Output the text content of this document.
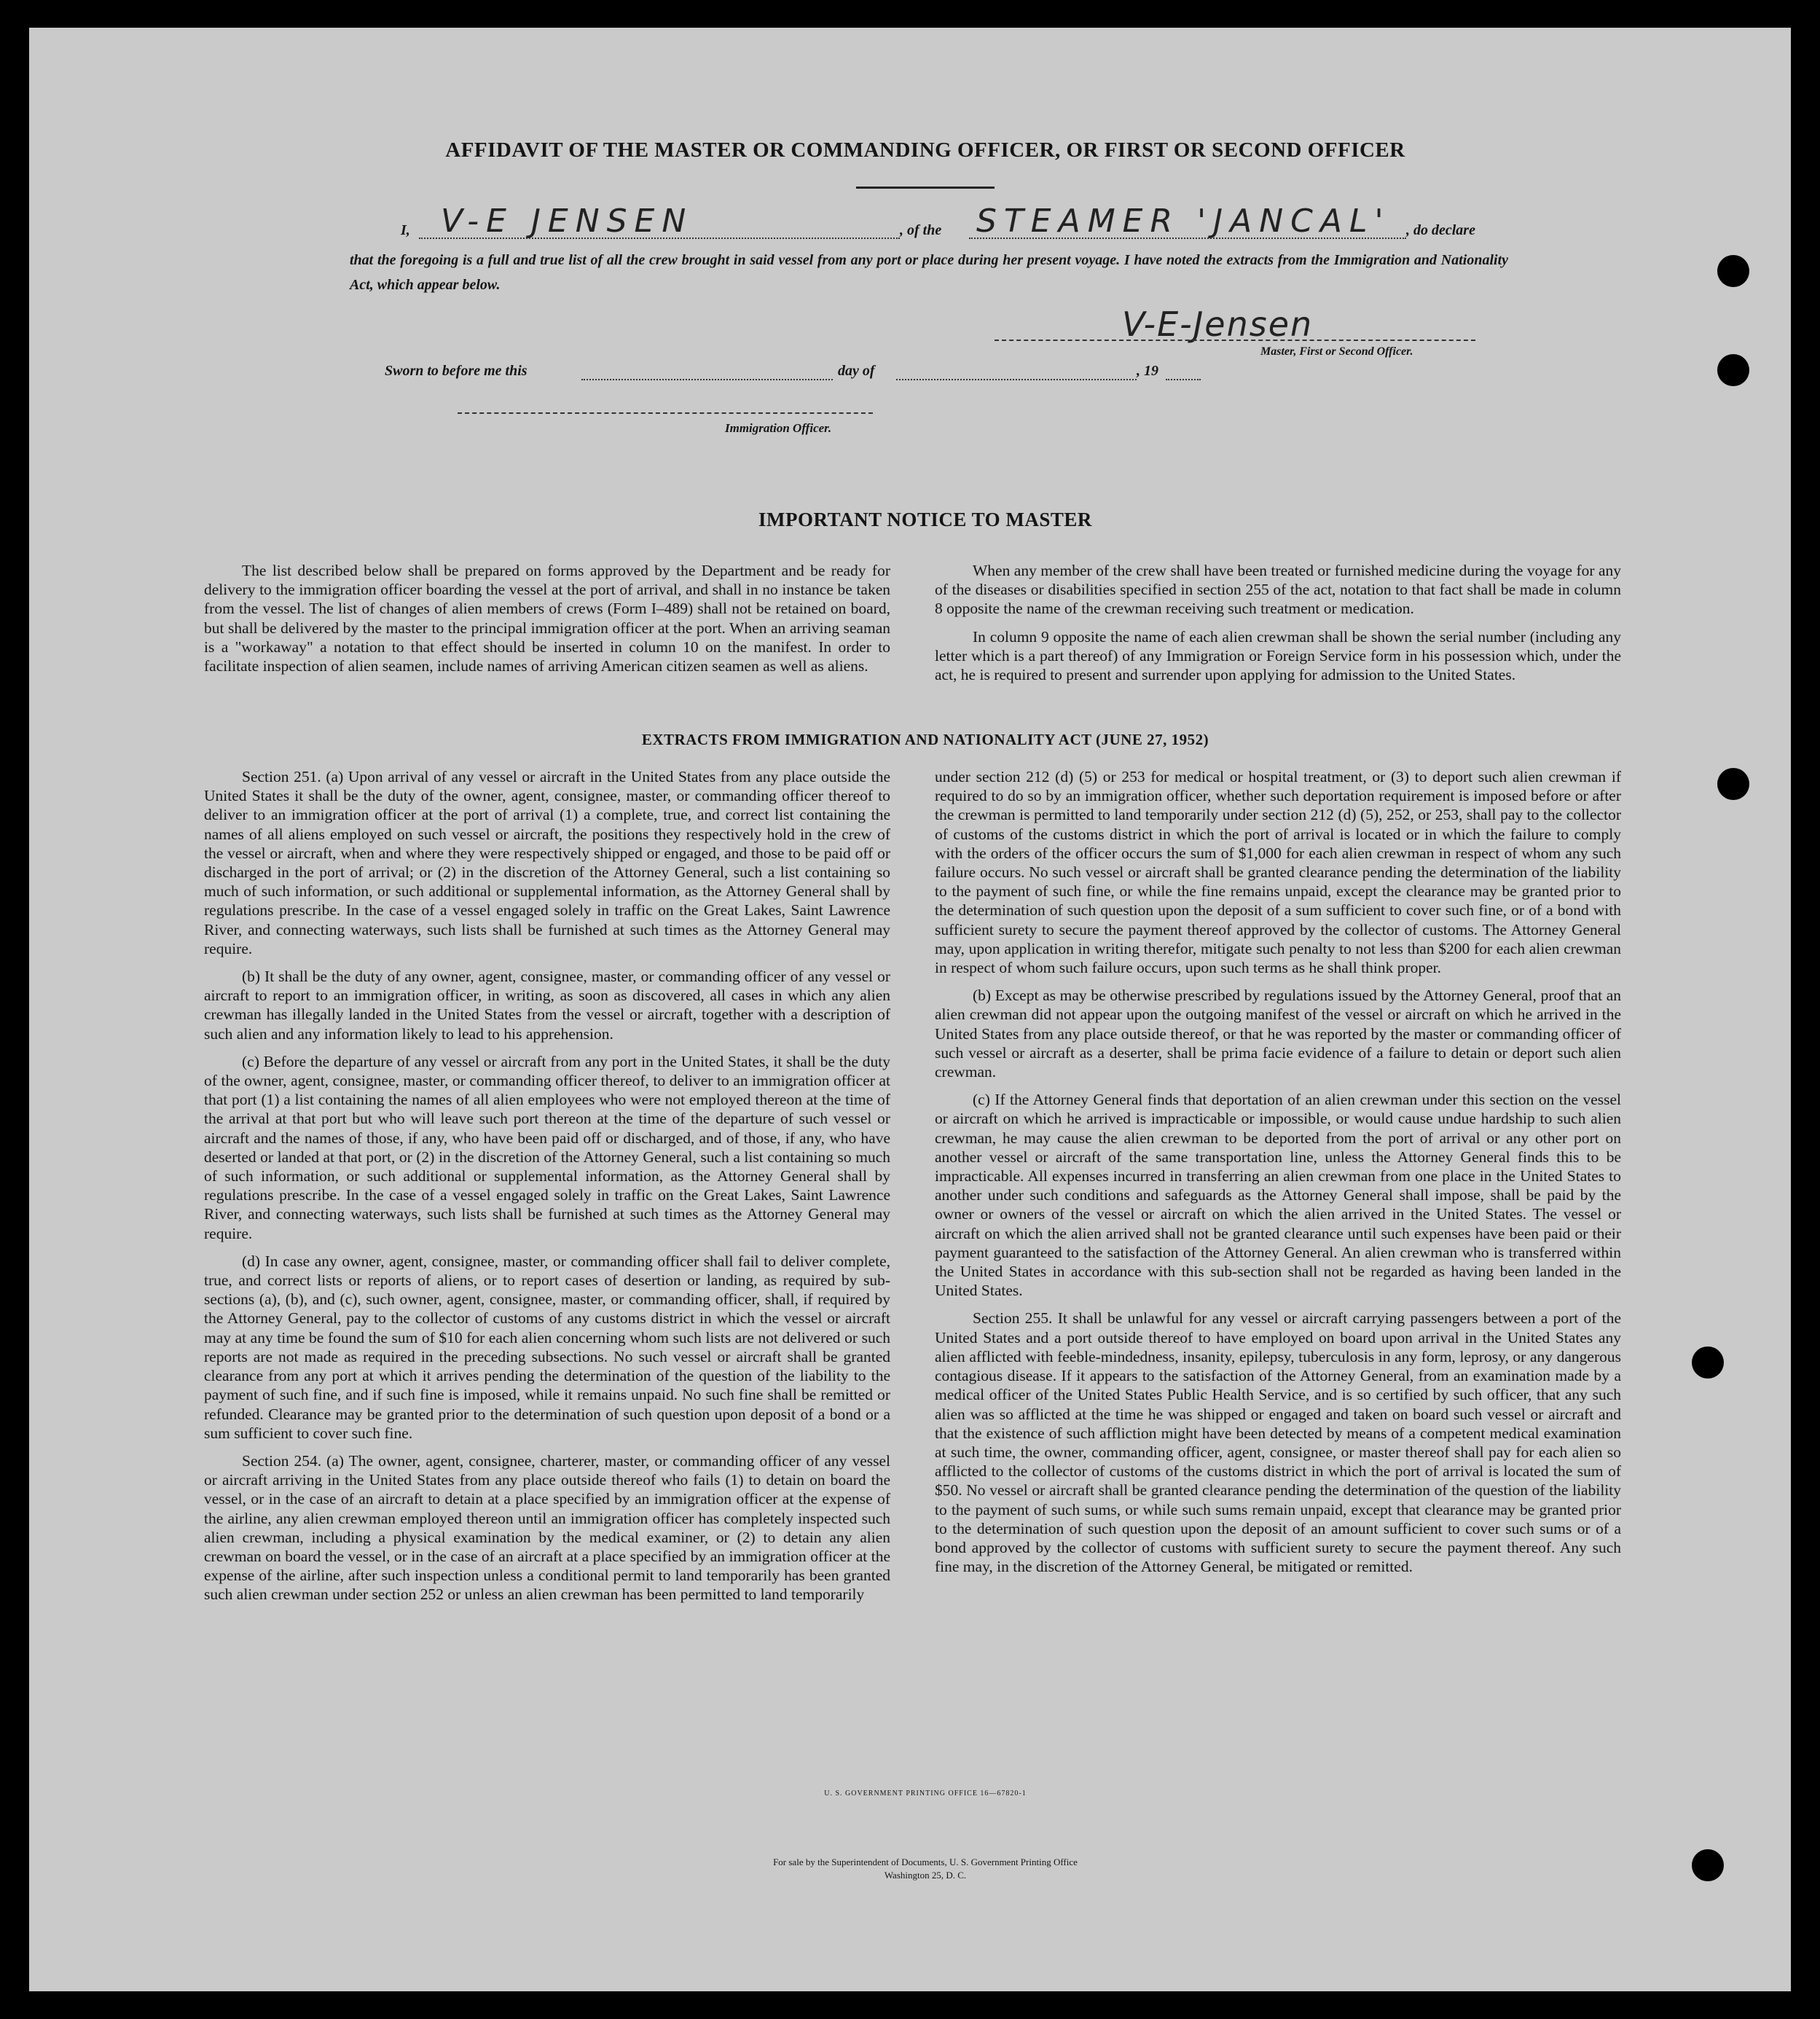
AFFIDAVIT OF THE MASTER OR COMMANDING OFFICER, OR FIRST OR SECOND OFFICER
I, V-E JENSEN	, of the STEAMER 'JANCAL' , do declare
that the foregoing is a full and true list of all the crew brought in said vessel from any port or place during her present voyage. I have noted the extracts from the Immigration and Nationality Act, which appear below.
V-E-Jensen
Master, First or Second Officer.
Sworn to before me this	day of	, 19
Immigration Officer.
IMPORTANT NOTICE TO MASTER

The list described below shall be prepared on forms approved by the Department and be ready for delivery to the immigration officer boarding the vessel at the port of arrival, and shall in no instance be taken from the vessel. The list of changes of alien members of crews (Form I–489) shall not be retained on board, but shall be delivered by the master to the principal immigration officer at the port. When an arriving seaman is a "workaway" a notation to that effect should be inserted in column 10 on the manifest. In order to facilitate inspection of alien seamen, include names of arriving American citizen seamen as well as aliens.

When any member of the crew shall have been treated or furnished medicine during the voyage for any of the diseases or disabilities specified in section 255 of the act, notation to that fact shall be made in column 8 opposite the name of the crewman receiving such treatment or medication.

In column 9 opposite the name of each alien crewman shall be shown the serial number (including any letter which is a part thereof) of any Immigration or Foreign Service form in his possession which, under the act, he is required to present and surrender upon applying for admission to the United States.

EXTRACTS FROM IMMIGRATION AND NATIONALITY ACT (JUNE 27, 1952)

Section 251. (a) Upon arrival of any vessel or aircraft in the United States from any place outside the United States it shall be the duty of the owner, agent, consignee, master, or commanding officer thereof to deliver to an immigration officer at the port of arrival (1) a complete, true, and correct list containing the names of all aliens employed on such vessel or aircraft, the positions they respectively hold in the crew of the vessel or aircraft, when and where they were respectively shipped or engaged, and those to be paid off or discharged in the port of arrival; or (2) in the discretion of the Attorney General, such a list containing so much of such information, or such additional or supplemental information, as the Attorney General shall by regulations prescribe. In the case of a vessel engaged solely in traffic on the Great Lakes, Saint Lawrence River, and connecting waterways, such lists shall be furnished at such times as the Attorney General may require.

(b) It shall be the duty of any owner, agent, consignee, master, or commanding officer of any vessel or aircraft to report to an immigration officer, in writing, as soon as discovered, all cases in which any alien crewman has illegally landed in the United States from the vessel or aircraft, together with a description of such alien and any information likely to lead to his apprehension.

(c) Before the departure of any vessel or aircraft from any port in the United States, it shall be the duty of the owner, agent, consignee, master, or commanding officer thereof, to deliver to an immigration officer at that port (1) a list containing the names of all alien employees who were not employed thereon at the time of the arrival at that port but who will leave such port thereon at the time of the departure of such vessel or aircraft and the names of those, if any, who have been paid off or discharged, and of those, if any, who have deserted or landed at that port, or (2) in the discretion of the Attorney General, such a list containing so much of such information, or such additional or supplemental information, as the Attorney General shall by regulations prescribe. In the case of a vessel engaged solely in traffic on the Great Lakes, Saint Lawrence River, and connecting waterways, such lists shall be furnished at such times as the Attorney General may require.

(d) In case any owner, agent, consignee, master, or commanding officer shall fail to deliver complete, true, and correct lists or reports of aliens, or to report cases of desertion or landing, as required by sub-sections (a), (b), and (c), such owner, agent, consignee, master, or commanding officer, shall, if required by the Attorney General, pay to the collector of customs of any customs district in which the vessel or aircraft may at any time be found the sum of $10 for each alien concerning whom such lists are not delivered or such reports are not made as required in the preceding subsections. No such vessel or aircraft shall be granted clearance from any port at which it arrives pending the determination of the question of the liability to the payment of such fine, and if such fine is imposed, while it remains unpaid. No such fine shall be remitted or refunded. Clearance may be granted prior to the determination of such question upon deposit of a bond or a sum sufficient to cover such fine.

Section 254. (a) The owner, agent, consignee, charterer, master, or commanding officer of any vessel or aircraft arriving in the United States from any place outside thereof who fails (1) to detain on board the vessel, or in the case of an aircraft to detain at a place specified by an immigration officer at the expense of the airline, any alien crewman employed thereon until an immigration officer has completely inspected such alien crewman, including a physical examination by the medical examiner, or (2) to detain any alien crewman on board the vessel, or in the case of an aircraft at a place specified by an immigration officer at the expense of the airline, after such inspection unless a conditional permit to land temporarily has been granted such alien crewman under section 252 or unless an alien crewman has been permitted to land temporarily

under section 212 (d) (5) or 253 for medical or hospital treatment, or (3) to deport such alien crewman if required to do so by an immigration officer, whether such deportation requirement is imposed before or after the crewman is permitted to land temporarily under section 212 (d) (5), 252, or 253, shall pay to the collector of customs of the customs district in which the port of arrival is located or in which the failure to comply with the orders of the officer occurs the sum of $1,000 for each alien crewman in respect of whom any such failure occurs. No such vessel or aircraft shall be granted clearance pending the determination of the liability to the payment of such fine, or while the fine remains unpaid, except the clearance may be granted prior to the determination of such question upon the deposit of a sum sufficient to cover such fine, or of a bond with sufficient surety to secure the payment thereof approved by the collector of customs. The Attorney General may, upon application in writing therefor, mitigate such penalty to not less than $200 for each alien crewman in respect of whom such failure occurs, upon such terms as he shall think proper.

(b) Except as may be otherwise prescribed by regulations issued by the Attorney General, proof that an alien crewman did not appear upon the outgoing manifest of the vessel or aircraft on which he arrived in the United States from any place outside thereof, or that he was reported by the master or commanding officer of such vessel or aircraft as a deserter, shall be prima facie evidence of a failure to detain or deport such alien crewman.

(c) If the Attorney General finds that deportation of an alien crewman under this section on the vessel or aircraft on which he arrived is impracticable or impossible, or would cause undue hardship to such alien crewman, he may cause the alien crewman to be deported from the port of arrival or any other port on another vessel or aircraft of the same transportation line, unless the Attorney General finds this to be impracticable. All expenses incurred in transferring an alien crewman from one place in the United States to another under such conditions and safeguards as the Attorney General shall impose, shall be paid by the owner or owners of the vessel or aircraft on which the alien arrived in the United States. The vessel or aircraft on which the alien arrived shall not be granted clearance until such expenses have been paid or their payment guaranteed to the satisfaction of the Attorney General. An alien crewman who is transferred within the United States in accordance with this sub-section shall not be regarded as having been landed in the United States.

Section 255. It shall be unlawful for any vessel or aircraft carrying passengers between a port of the United States and a port outside thereof to have employed on board upon arrival in the United States any alien afflicted with feeble-mindedness, insanity, epilepsy, tuberculosis in any form, leprosy, or any dangerous contagious disease. If it appears to the satisfaction of the Attorney General, from an examination made by a medical officer of the United States Public Health Service, and is so certified by such officer, that any such alien was so afflicted at the time he was shipped or engaged and taken on board such vessel or aircraft and that the existence of such affliction might have been detected by means of a competent medical examination at such time, the owner, commanding officer, agent, consignee, or master thereof shall pay for each alien so afflicted to the collector of customs of the customs district in which the port of arrival is located the sum of $50. No vessel or aircraft shall be granted clearance pending the determination of the question of the liability to the payment of such sums, or while such sums remain unpaid, except that clearance may be granted prior to the determination of such question upon the deposit of an amount sufficient to cover such sums or of a bond approved by the collector of customs with sufficient surety to secure the payment thereof. Any such fine may, in the discretion of the Attorney General, be mitigated or remitted.

U. S. GOVERNMENT PRINTING OFFICE 16—67820-1
For sale by the Superintendent of Documents, U. S. Government Printing Office
Washington 25, D. C.
